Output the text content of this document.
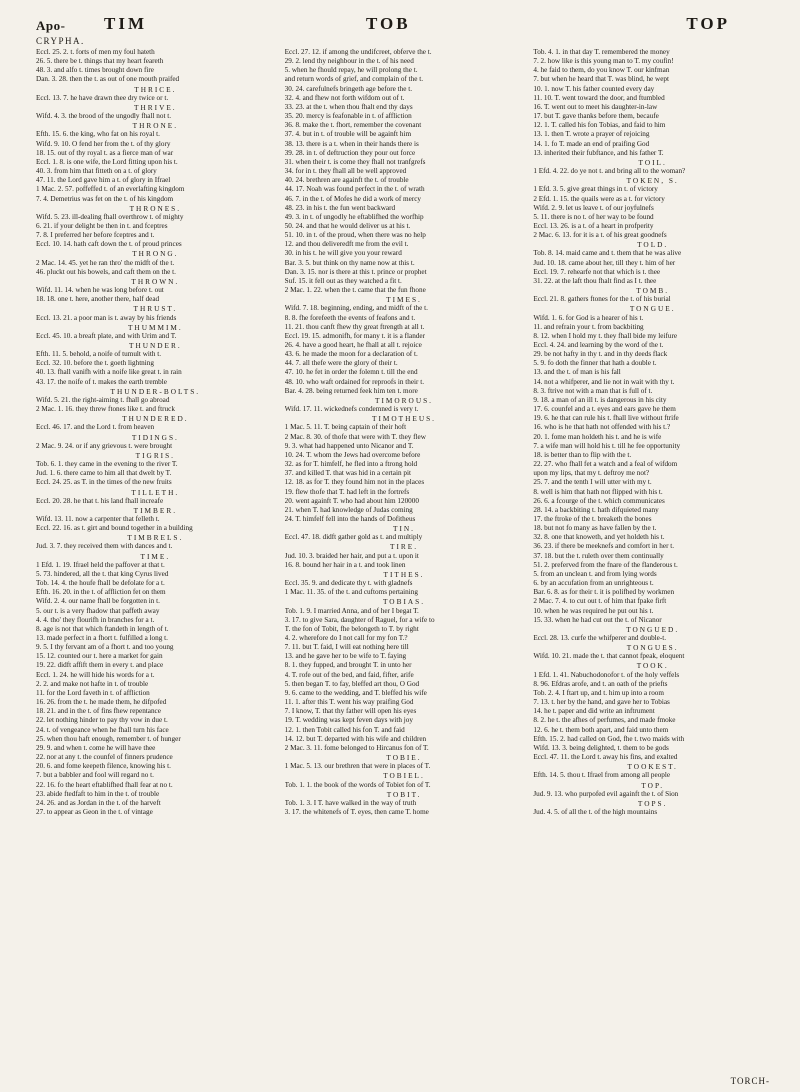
Apo- TIM	TOB	TOP
CRYPHA.

Eccl. 25. 2. t. forts of men my foul hateth

26. 5. there be t. things that my heart feareth

48. 3. and alfo t. times brought down fire

Dan. 3. 28. then the t. as out of one mouth praifed

THRICE.

Eccl. 13. 7. he have drawn thee dry twice or t.

THRIVE.

Wifd. 4. 3. the brood of the ungodly fhall not t.

THRONE.

Efth. 15. 6. the king, who fat on his royal t.

Wifd. 9. 10. O fend her from the t. of thy glory

18. 15. out of thy royal t. as a fierce man of war

Eccl. 1. 8. is one wife, the Lord fitting upon his t.

40. 3. from him that fitteth on a t. of glory

47. 11. the Lord gave him a t. of glory in Ifrael

1 Mac. 2. 57. poffeffed t. of an everlafting kingdom

7. 4. Demetrius was fet on the t. of his kingdom

THRONES.

Wifd. 5. 23. ill-dealing fhall overthrow t. of mighty

6. 21. if your delight be then in t. and fceptres

7. 8. I preferred her before fceptres and t.

Eccl. 10. 14. hath caft down the t. of proud princes

THRONG.

2 Mac. 14. 45. yet he ran thro' the midft of the t.

46. pluckt out his bowels, and caft them on the t.

THROWN.

Wifd. 11. 14. when he was long before t. out

18. 18. one t. here, another there, half dead

THRUST.

Eccl. 13. 21. a poor man is t. away by his friends

THUMMIM.

Eccl. 45. 10. a breaft plate, and with Urim and T.

THUNDER.

Efth. 11. 5. behold, a noife of tumult with t.

Eccl. 32. 10. before the t. goeth lightning

40. 13. fhall vanifh with a noife like great t. in rain

43. 17. the noife of t. makes the earth tremble

THUNDER-BOLTS.

Wifd. 5. 21. the right-aiming t. fhall go abroad

2 Mac. 1. 16. they threw ftones like t. and ftruck

THUNDERED.

Eccl. 46. 17. and the Lord t. from heaven

TIDINGS.

2 Mac. 9. 24. or if any grievous t. were brought

TIGRIS.

Tob. 6. 1. they came in the evening to the river T.

Jud. 1. 6. there came to him all that dwelt by T.

Eccl. 24. 25. as T. in the times of the new fruits

TILLETH.

Eccl. 20. 28. he that t. his land fhall increafe

TIMBER.

Wifd. 13. 11. now a carpenter that felleth t.

Eccl. 22. 16. as t. girt and bound together in a building

TIMBRELS.

Jud. 3. 7. they received them with dances and t.

TIME.

1 Efd. 1. 19. Ifrael held the paffover at that t.

5. 73. hindered, all the t. that king Cyrus lived

Tob. 14. 4. the houfe fhall be defolate for a t.

Efth. 16. 20. in the t. of affliction fet on them

Wifd. 2. 4. our name fhall be forgotten in t.

5. our t. is a very fhadow that paffeth away

4. 4. tho' they flourifh in branches for a t.

8. age is not that which ftandeth in length of t.

13. made perfect in a fhort t. fulfilled a long t.

9. 5. I thy fervant am of a fhort t. and too young

15. 12. counted our t. here a market for gain

19. 22. didft affift them in every t. and place

Eccl. 1. 24. he will hide his words for a t.

2. 2. and make not hafte in t. of trouble

11. for the Lord faveth in t. of affliction

16. 26. from the t. he made them, he difpofed

18. 21. and in the t. of fins fhew repentance

22. let nothing hinder to pay thy vow in due t.

24. t. of vengeance when he fhall turn his face

25. when thou haft enough, remember t. of hunger

29. 9. and when t. come he will have thee

22. nor at any t. the counfel of finners prudence

20. 6. and fome keepeth filence, knowing his t.

7. but a babbler and fool will regard no t.

22. 16. fo the heart eftablifhed fhall fear at no t.

23. abide ftedfaft to him in the t. of trouble

24. 26. and as Jordan in the t. of the harveft

27. to appear as Geon in the t. of vintage

Eccl. 27. 12. if among the undifcreet, obferve the t.

29. 2. lend thy neighbour in the t. of his need

5. when he fhould repay, he will prolong the t.

and return words of grief, and complain of the t.

30. 24. carefulnefs bringeth age before the t.

32. 4. and fhew not forth wifdom out of t.

33. 23. at the t. when thou fhalt end thy days

35. 20. mercy is feafonable in t. of affliction

36. 8. make the t. fhort, remember the covenant

37. 4. but in t. of trouble will be againft him

38. 13. there is a t. when in their hands there is

39. 28. in t. of deftruction they pour out force

31. when their t. is come they fhall not tranfgrefs

34. for in t. they fhall all be well approved

40. 24. brethren are againft the t. of trouble

44. 17. Noah was found perfect in the t. of wrath

46. 7. in the t. of Mofes he did a work of mercy

48. 23. in his t. the fun went backward

49. 3. in t. of ungodly he eftablifhed the worfhip

50. 24. and that he would deliver us at his t.

51. 10. in t. of the proud, when there was no help

12. and thou deliveredft me from the evil t.

30. in his t. he will give you your reward

Bar. 3. 5. but think on thy name now at this t.

Dan. 3. 15. nor is there at this t. prince or prophet

Suf. 15. it fell out as they watched a fit t.

2 Mac. 1. 22. when the t. came that the fun fhone

TIMES.

Wifd. 7. 18. beginning, ending, and midft of the t.

8. 8. fhe forefeeth the events of feafons and t.

11. 21. thou canft fhew thy great ftrength at all t.

Eccl. 19. 15. admonifh, for many t. it is a flander

26. 4. have a good heart, he fhall at all t. rejoice

43. 6. he made the moon for a declaration of t.

44. 7. all thefe were the glory of their t.

47. 10. he fet in order the folemn t. till the end

48. 10. who waft ordained for reproofs in their t.

Bar. 4. 28. being returned feek him ten t. more

TIMOROUS.

Wifd. 17. 11. wickednefs condemned is very t.

TIMOTHEUS.

1 Mac. 5. 11. T. being captain of their hoft

2 Mac. 8. 30. of thofe that were with T. they flew

9. 3. what had happened unto Nicanor and T.

10. 24. T. whom the Jews had overcome before

32. as for T. himfelf, he fled into a ftrong hold

37. and killed T. that was hid in a certain pit

12. 18. as for T. they found him not in the places

19. flew thofe that T. had left in the fortrefs

20. went againft T. who had about him 120000

21. when T. had knowledge of Judas coming

24. T. himfelf fell into the hands of Dofitheus

TIN.

Eccl. 47. 18. didft gather gold as t. and multiply

TIRE.

Jud. 10. 3. braided her hair, and put a t. upon it

16. 8. bound her hair in a t. and took linen

TITHES.

Eccl. 35. 9. and dedicate thy t. with gladnefs

1 Mac. 11. 35. of the t. and cuftoms pertaining

TOBIAS.

Tob. 1. 9. I married Anna, and of her I begat T.

3. 17. to give Sara, daughter of Raguel, for a wife to

T. the fon of Tobit, fhe belongeth to T. by right

4. 2. wherefore do I not call for my fon T.?

7. 11. but T. faid, I will eat nothing here till

13. and he gave her to be wife to T. faying

8. 1. they fupped, and brought T. in unto her

4. T. rofe out of the bed, and faid, fifter, arife

5. then began T. to fay, bleffed art thou, O God

9. 6. came to the wedding, and T. bleffed his wife

11. 1. after this T. went his way praifing God

7. I know, T. that thy father will open his eyes

19. T. wedding was kept feven days with joy

12. 1. then Tobit called his fon T. and faid

14. 12. but T. departed with his wife and children

2 Mac. 3. 11. fome belonged to Hircanus fon of T.

TOBIE.

1 Mac. 5. 13. our brethren that were in places of T.

TOBIEL.

Tob. 1. 1. the book of the words of Tobiet fon of T.

TOBIT.

Tob. 1. 3. I T. have walked in the way of truth

3. 17. the whitenefs of T. eyes, then came T. home

Tob. 4. 1. in that day T. remembered the money

7. 2. how like is this young man to T. my coufin!

4. he faid to them, do you know T. our kinfman

7. but when he heard that T. was blind, he wept

10. 1. now T. his father counted every day

11. 10. T. went toward the door, and ftumbled

16. T. went out to meet his daughter-in-law

17. but T. gave thanks before them, becaufe

12. 1. T. called his fon Tobias, and faid to him

13. 1. then T. wrote a prayer of rejoicing

14. 1. fo T. made an end of praifing God

13. inherited their fubftance, and his father T.

TOIL.

1 Efd. 4. 22. do ye not t. and bring all to the woman?

TOKEN, S.

1 Efd. 3. 5. give great things in t. of victory

2 Efd. 1. 15. the quails were as a t. for victory

Wifd. 2. 9. let us leave t. of our joyfulnefs

5. 11. there is no t. of her way to be found

Eccl. 13. 26. is a t. of a heart in profperity

2 Mac. 6. 13. for it is a t. of his great goodnefs

TOLD.

Tob. 8. 14. maid came and t. them that he was alive

Jud. 10. 18. came about her, till they t. him of her

Eccl. 19. 7. rehearfe not that which is t. thee

31. 22. at the laft thou fhalt find as I t. thee

TOMB.

Eccl. 21. 8. gathers ftones for the t. of his burial

TONGUE.

Wifd. 1. 6. for God is a hearer of his t.

11. and refrain your t. from backbiting

8. 12. when I hold my t. they fhall bide my leifure

Eccl. 4. 24. and learning by the word of the t.

29. be not hafty in thy t. and in thy deeds flack

5. 9. fo doth the finner that hath a double t.

13. and the t. of man is his fall

14. not a whifperer, and lie not in wait with thy t.

8. 3. ftrive not with a man that is full of t.

9. 18. a man of an ill t. is dangerous in his city

17. 6. counfel and a t. eyes and ears gave he them

19. 6. he that can rule his t. fhall live without ftrife

16. who is he that hath not offended with his t.?

20. 1. fome man holdeth his t. and he is wife

7. a wife man will hold his t. till he fee opportunity

18. is better than to flip with the t.

22. 27. who fhall fet a watch and a feal of wifdom

upon my lips, that my t. deftroy me not?

25. 7. and the tenth I will utter with my t.

8. well is him that hath not flipped with his t.

26. 6. a fcourge of the t. which communicates

28. 14. a backbiting t. hath difquieted many

17. the ftroke of the t. breaketh the bones

18. but not fo many as have fallen by the t.

32. 8. one that knoweth, and yet holdeth his t.

36. 23. if there be meeknefs and comfort in her t.

37. 18. but the t. ruleth over them continually

51. 2. preferved from the fnare of the flanderous t.

5. from an unclean t. and from lying words

6. by an accufation from an unrighteous t.

Bar. 6. 8. as for their t. it is polifhed by workmen

2 Mac. 7. 4. to cut out t. of him that fpake firft

10. when he was required he put out his t.

15. 33. when he had cut out the t. of Nicanor

TONGUED.

Eccl. 28. 13. curfe the whifperer and double-t.

TONGUES.

Wifd. 10. 21. made the t. that cannot fpeak, eloquent

TOOK.

1 Efd. 1. 41. Nabuchodonofor t. of the holy veffels

8. 96. Efdras arofe, and t. an oath of the priefts

Tob. 2. 4. I ftart up, and t. him up into a room

7. 13. t. her by the hand, and gave her to Tobias

14. he t. paper and did write an inftrument

8. 2. he t. the afhes of perfumes, and made fmoke

12. 6. he t. them both apart, and faid unto them

Efth. 15. 2. had called on God, fhe t. two maids with

Wifd. 13. 3. being delighted, t. them to be gods

Eccl. 47. 11. the Lord t. away his fins, and exalted

TOOKEST.

Efth. 14. 5. thou t. Ifrael from among all people

TOP.

Jud. 9. 13. who purpofed evil againft the t. of Sion

TOPS.

Jud. 4. 5. of all the t. of the high mountains

TORCH-
